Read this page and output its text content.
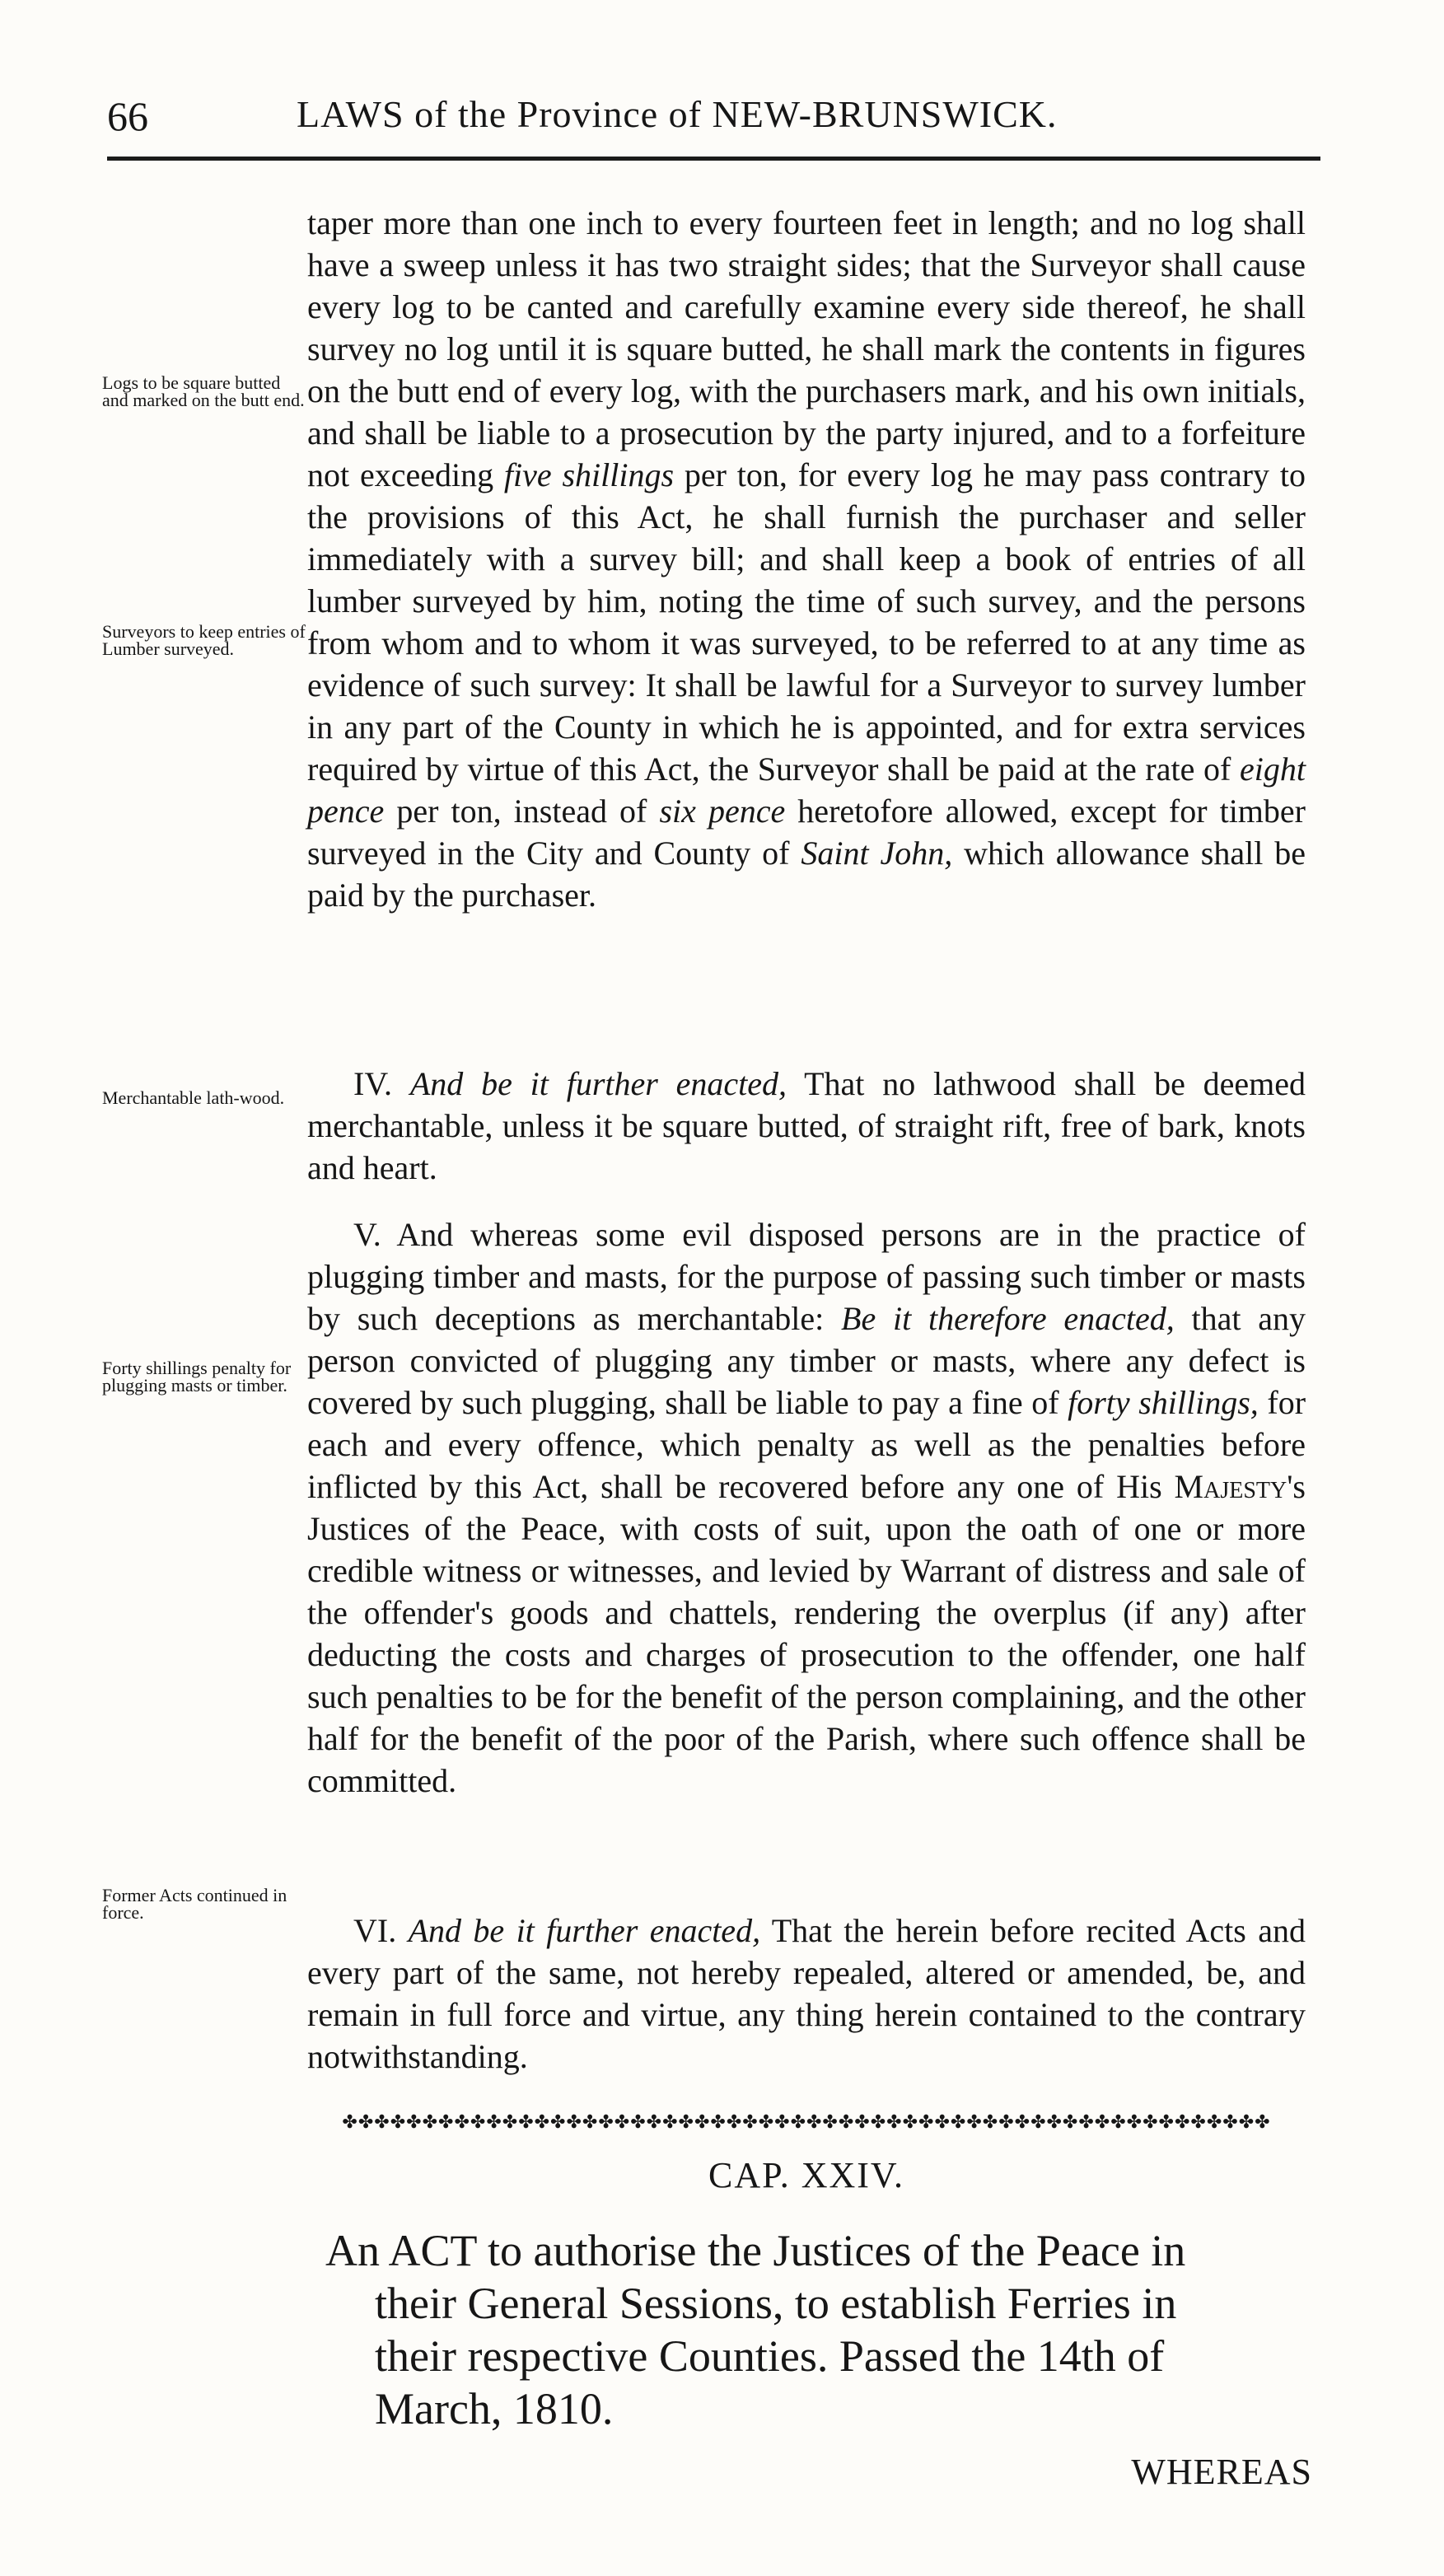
66	LAWS of the Province of NEW-BRUNSWICK.
Logs to be square butted and marked on the butt end.
Surveyors to keep entries of Lumber surveyed.
Merchantable lath-wood.
Forty shillings penalty for plugging masts or timber.
Former Acts continued in force.

taper more than one inch to every fourteen feet in length; and no log shall have a sweep unless it has two straight sides; that the Surveyor shall cause every log to be canted and carefully examine every side thereof, he shall survey no log until it is square butted, he shall mark the contents in figures on the butt end of every log, with the purchasers mark, and his own initials, and shall be liable to a prosecution by the party injured, and to a forfeiture not exceeding five shillings per ton, for every log he may pass contrary to the provisions of this Act, he shall furnish the purchaser and seller immediately with a survey bill; and shall keep a book of entries of all lumber surveyed by him, noting the time of such survey, and the persons from whom and to whom it was surveyed, to be referred to at any time as evidence of such survey: It shall be lawful for a Surveyor to survey lumber in any part of the County in which he is appointed, and for extra services required by virtue of this Act, the Surveyor shall be paid at the rate of eight pence per ton, instead of six pence heretofore allowed, except for timber surveyed in the City and County of Saint John, which allowance shall be paid by the purchaser.

IV. And be it further enacted, That no lathwood shall be deemed merchantable, unless it be square butted, of straight rift, free of bark, knots and heart.

V. And whereas some evil disposed persons are in the practice of plugging timber and masts, for the purpose of passing such timber or masts by such deceptions as merchantable: Be it therefore enacted, that any person convicted of plugging any timber or masts, where any defect is covered by such plugging, shall be liable to pay a fine of forty shillings, for each and every offence, which penalty as well as the penalties before inflicted by this Act, shall be recovered before any one of His Majesty's Justices of the Peace, with costs of suit, upon the oath of one or more credible witness or witnesses, and levied by Warrant of distress and sale of the offender's goods and chattels, rendering the overplus (if any) after deducting the costs and charges of prosecution to the offender, one half such penalties to be for the benefit of the person complaining, and the other half for the benefit of the poor of the Parish, where such offence shall be committed.

VI. And be it further enacted, That the herein before recited Acts and every part of the same, not hereby repealed, altered or amended, be, and remain in full force and virtue, any thing herein contained to the contrary notwithstanding.

✤✤✤✤✤✤✤✤✤✤✤✤✤✤✤✤✤✤✤✤✤✤✤✤✤✤✤✤✤✤✤✤✤✤✤✤✤✤✤✤✤✤✤✤✤✤✤✤✤✤✤✤✤✤✤✤✤✤
CAP. XXIV.

An ACT to authorise the Justices of the Peace in

their General Sessions, to establish Ferries in

their respective Counties. Passed the 14th of

March, 1810.

WHEREAS
